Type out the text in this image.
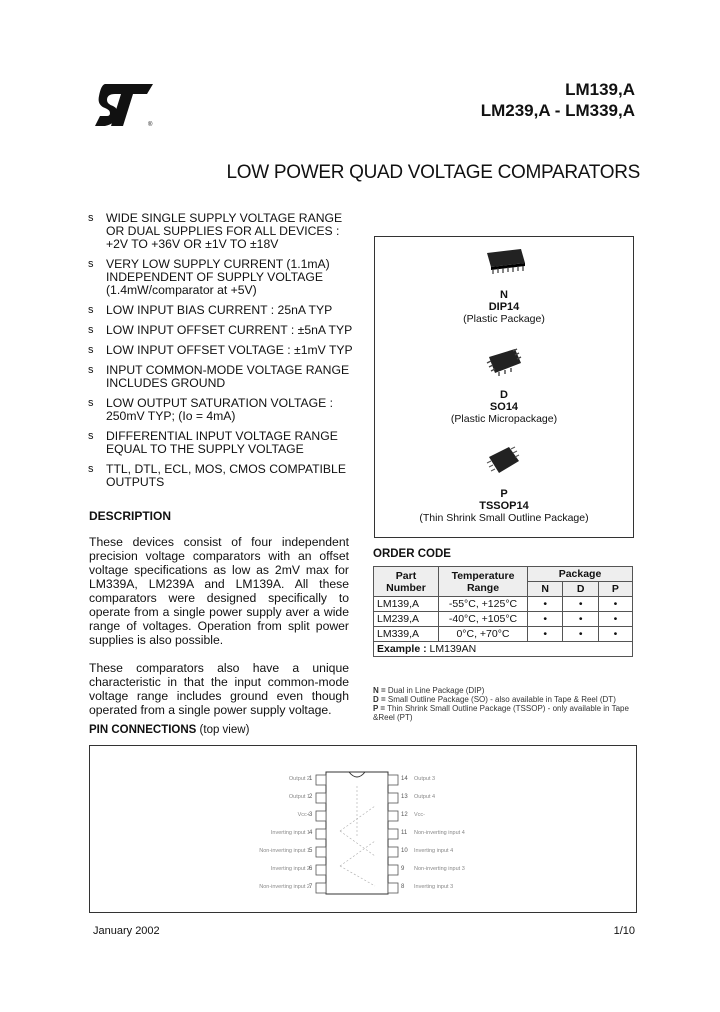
®
LM139,A
LM239,A - LM339,A
LOW POWER QUAD VOLTAGE COMPARATORS
s WIDE SINGLE SUPPLY VOLTAGE RANGE OR DUAL SUPPLIES FOR ALL DEVICES : +2V TO +36V OR ±1V TO ±18V
s VERY LOW SUPPLY CURRENT (1.1mA) INDEPENDENT OF SUPPLY VOLTAGE (1.4mW/comparator at +5V)
s LOW INPUT BIAS CURRENT : 25nA TYP
s LOW INPUT OFFSET CURRENT : ±5nA TYP
s LOW INPUT OFFSET VOLTAGE : ±1mV TYP
s INPUT COMMON-MODE VOLTAGE RANGE INCLUDES GROUND
s LOW OUTPUT SATURATION VOLTAGE : 250mV TYP; (Io = 4mA)
s DIFFERENTIAL INPUT VOLTAGE RANGE EQUAL TO THE SUPPLY VOLTAGE
s TTL, DTL, ECL, MOS, CMOS COMPATIBLE OUTPUTS
DESCRIPTION
These devices consist of four independent precision voltage comparators with an offset voltage specifications as low as 2mV max for LM339A, LM239A and LM139A. All these comparators were designed specifically to operate from a single power supply aver a wide range of voltages. Operation from split power supplies is also possible.
These comparators also have a unique characteristic in that the input common-mode voltage range includes ground even though operated from a single power supply voltage.
N
DIP14
(Plastic Package)
D
SO14
(Plastic Micropackage)
P
TSSOP14
(Thin Shrink Small Outline Package)
ORDER CODE
Part Number	Temperature Range	Package		
		N	D	P
LM139,A	-55°C, +125°C	•	•	•
LM239,A	-40°C, +105°C	•	•	•
LM339,A	0°C, +70°C	•	•	•
Example : LM139AN				
N = Dual in Line Package (DIP)
D = Small Outline Package (SO) - also available in Tape & Reel (DT)
P = Thin Shrink Small Outline Package (TSSOP) - only available in Tape &Reel (PT)
PIN CONNECTIONS (top view)
Output 2 1
Output 1 2
Vcc+ 3
Inverting input 1 4
Non-inverting input 1 5
Inverting input 2 6
Non-inverting input 2 7
14 Output 3
13 Output 4
12 Vcc-
11 Non-inverting input 4
10 Inverting input 4
9 Non-inverting input 3
8 Inverting input 3
January 2002	1/10
